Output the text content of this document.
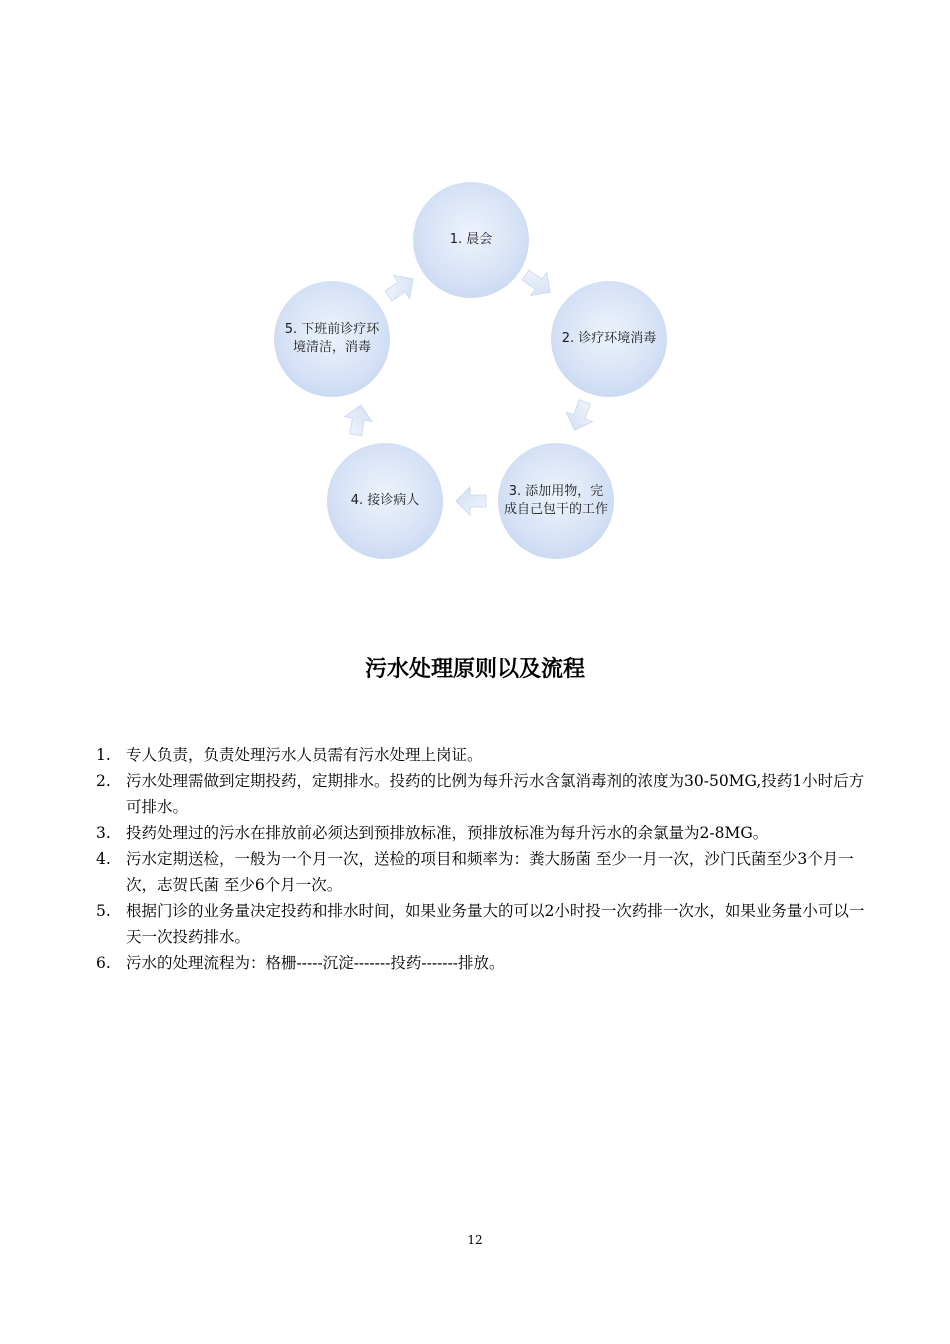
1. 晨会
2. 诊疗环境消毒
3. 添加用物，完成自己包干的工作
4. 接诊病人
5. 下班前诊疗环境清洁，消毒
污水处理原则以及流程
1. 专人负责，负责处理污水人员需有污水处理上岗证。
2. 污水处理需做到定期投药，定期排水。投药的比例为每升污水含氯消毒剂的浓度为30-50MG,投药1小时后方可排水。
3. 投药处理过的污水在排放前必须达到预排放标准，预排放标准为每升污水的余氯量为2-8MG。
4. 污水定期送检，一般为一个月一次，送检的项目和频率为：粪大肠菌 至少一月一次，沙门氏菌至少3个月一次，志贺氏菌 至少6个月一次。
5. 根据门诊的业务量决定投药和排水时间，如果业务量大的可以2小时投一次药排一次水，如果业务量小可以一天一次投药排水。
6. 污水的处理流程为：格栅-----沉淀-------投药-------排放。
12
